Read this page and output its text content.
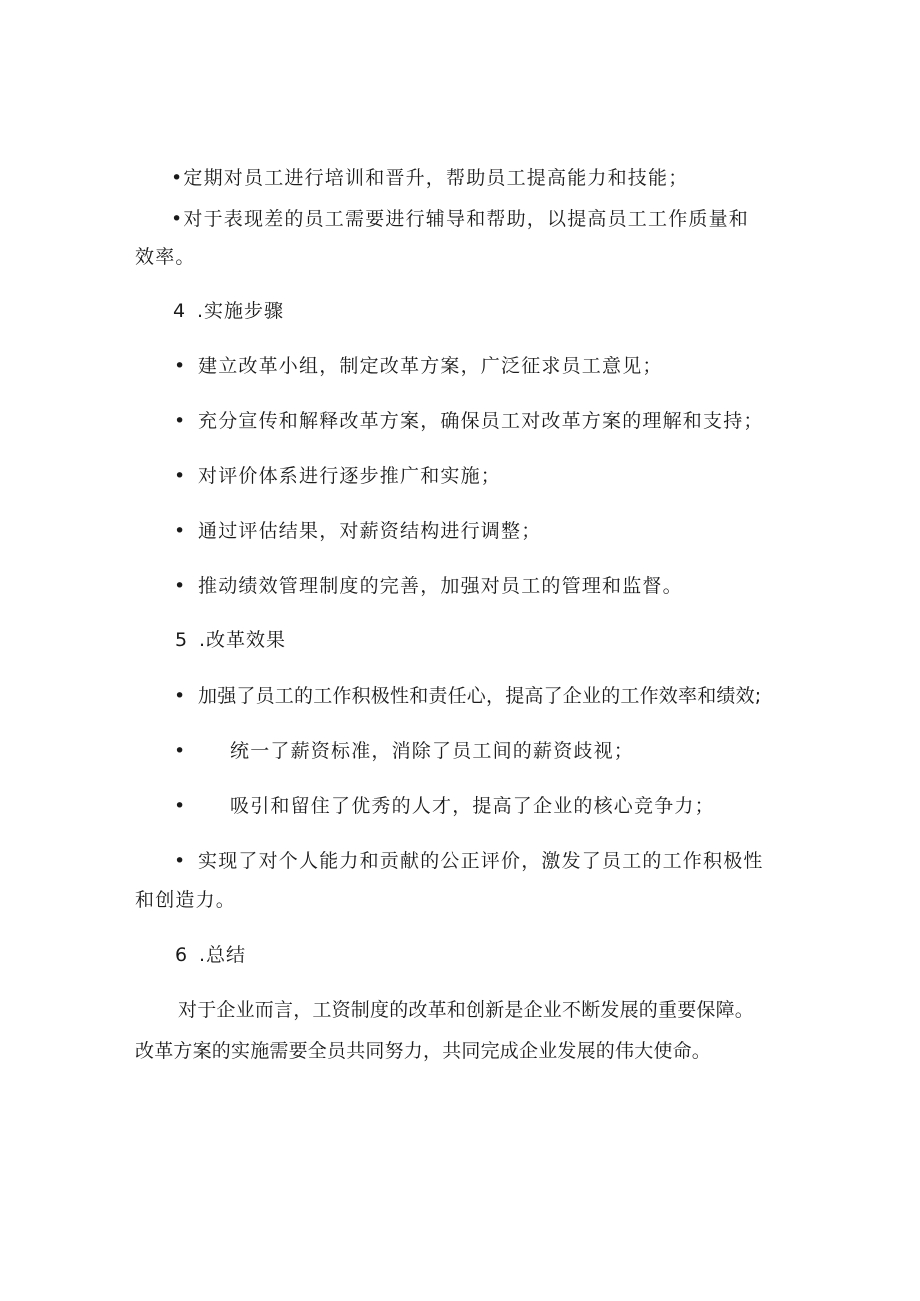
•定期对员工进行培训和晋升，帮助员工提高能力和技能；
•对于表现差的员工需要进行辅导和帮助，以提高员工工作质量和
效率。
4 .实施步骤
• 建立改革小组，制定改革方案，广泛征求员工意见；
• 充分宣传和解释改革方案，确保员工对改革方案的理解和支持；
• 对评价体系进行逐步推广和实施；
• 通过评估结果，对薪资结构进行调整；
• 推动绩效管理制度的完善，加强对员工的管理和监督。
5 .改革效果
• 加强了员工的工作积极性和责任心，提高了企业的工作效率和绩效;
• 统一了薪资标准，消除了员工间的薪资歧视；
• 吸引和留住了优秀的人才，提高了企业的核心竞争力；
• 实现了对个人能力和贡献的公正评价，激发了员工的工作积极性
和创造力。
6 .总结
对于企业而言，工资制度的改革和创新是企业不断发展的重要保障。
改革方案的实施需要全员共同努力，共同完成企业发展的伟大使命。
